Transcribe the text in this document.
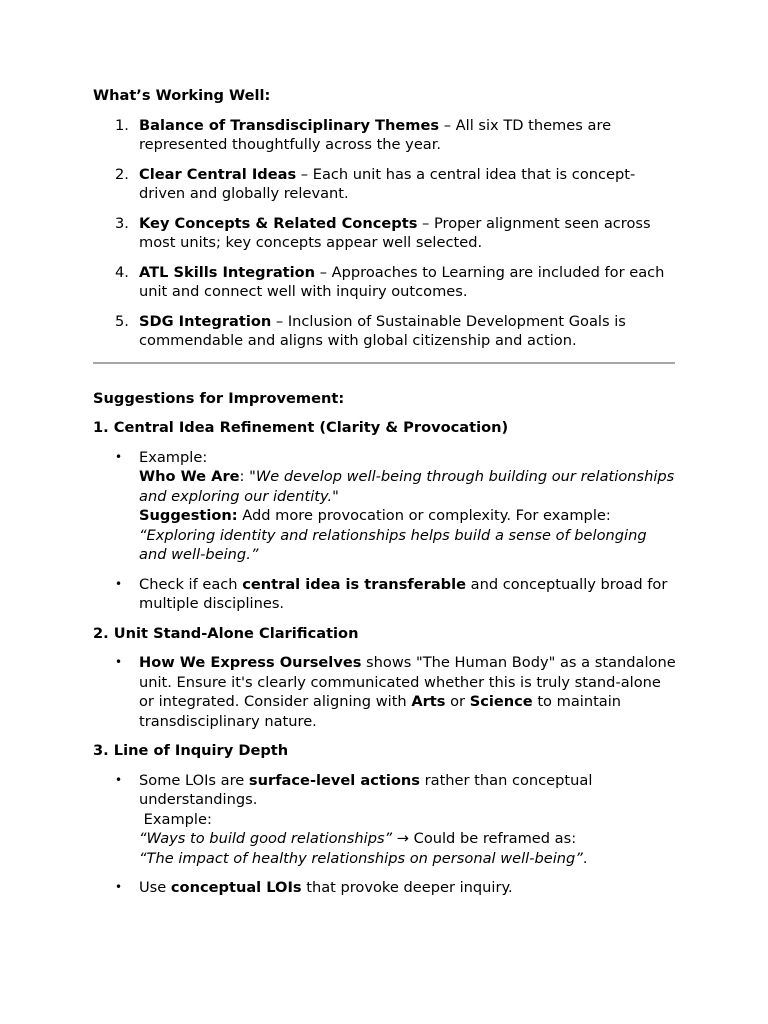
What’s Working Well:
1. Balance of Transdisciplinary Themes – All six TD themes are represented thoughtfully across the year.
2. Clear Central Ideas – Each unit has a central idea that is concept-driven and globally relevant.
3. Key Concepts & Related Concepts – Proper alignment seen across most units; key concepts appear well selected.
4. ATL Skills Integration – Approaches to Learning are included for each unit and connect well with inquiry outcomes.
5. SDG Integration – Inclusion of Sustainable Development Goals is commendable and aligns with global citizenship and action.
Suggestions for Improvement:
1. Central Idea Refinement (Clarity & Provocation)
• Example:
Who We Are: "We develop well-being through building our relationships and exploring our identity."
Suggestion: Add more provocation or complexity. For example:
“Exploring identity and relationships helps build a sense of belonging and well-being.”
• Check if each central idea is transferable and conceptually broad for multiple disciplines.
2. Unit Stand-Alone Clarification
• How We Express Ourselves shows "The Human Body" as a standalone unit. Ensure it's clearly communicated whether this is truly stand-alone or integrated. Consider aligning with Arts or Science to maintain transdisciplinary nature.
3. Line of Inquiry Depth
• Some LOIs are surface-level actions rather than conceptual understandings.
Example:
“Ways to build good relationships” → Could be reframed as:
“The impact of healthy relationships on personal well-being”.
• Use conceptual LOIs that provoke deeper inquiry.
